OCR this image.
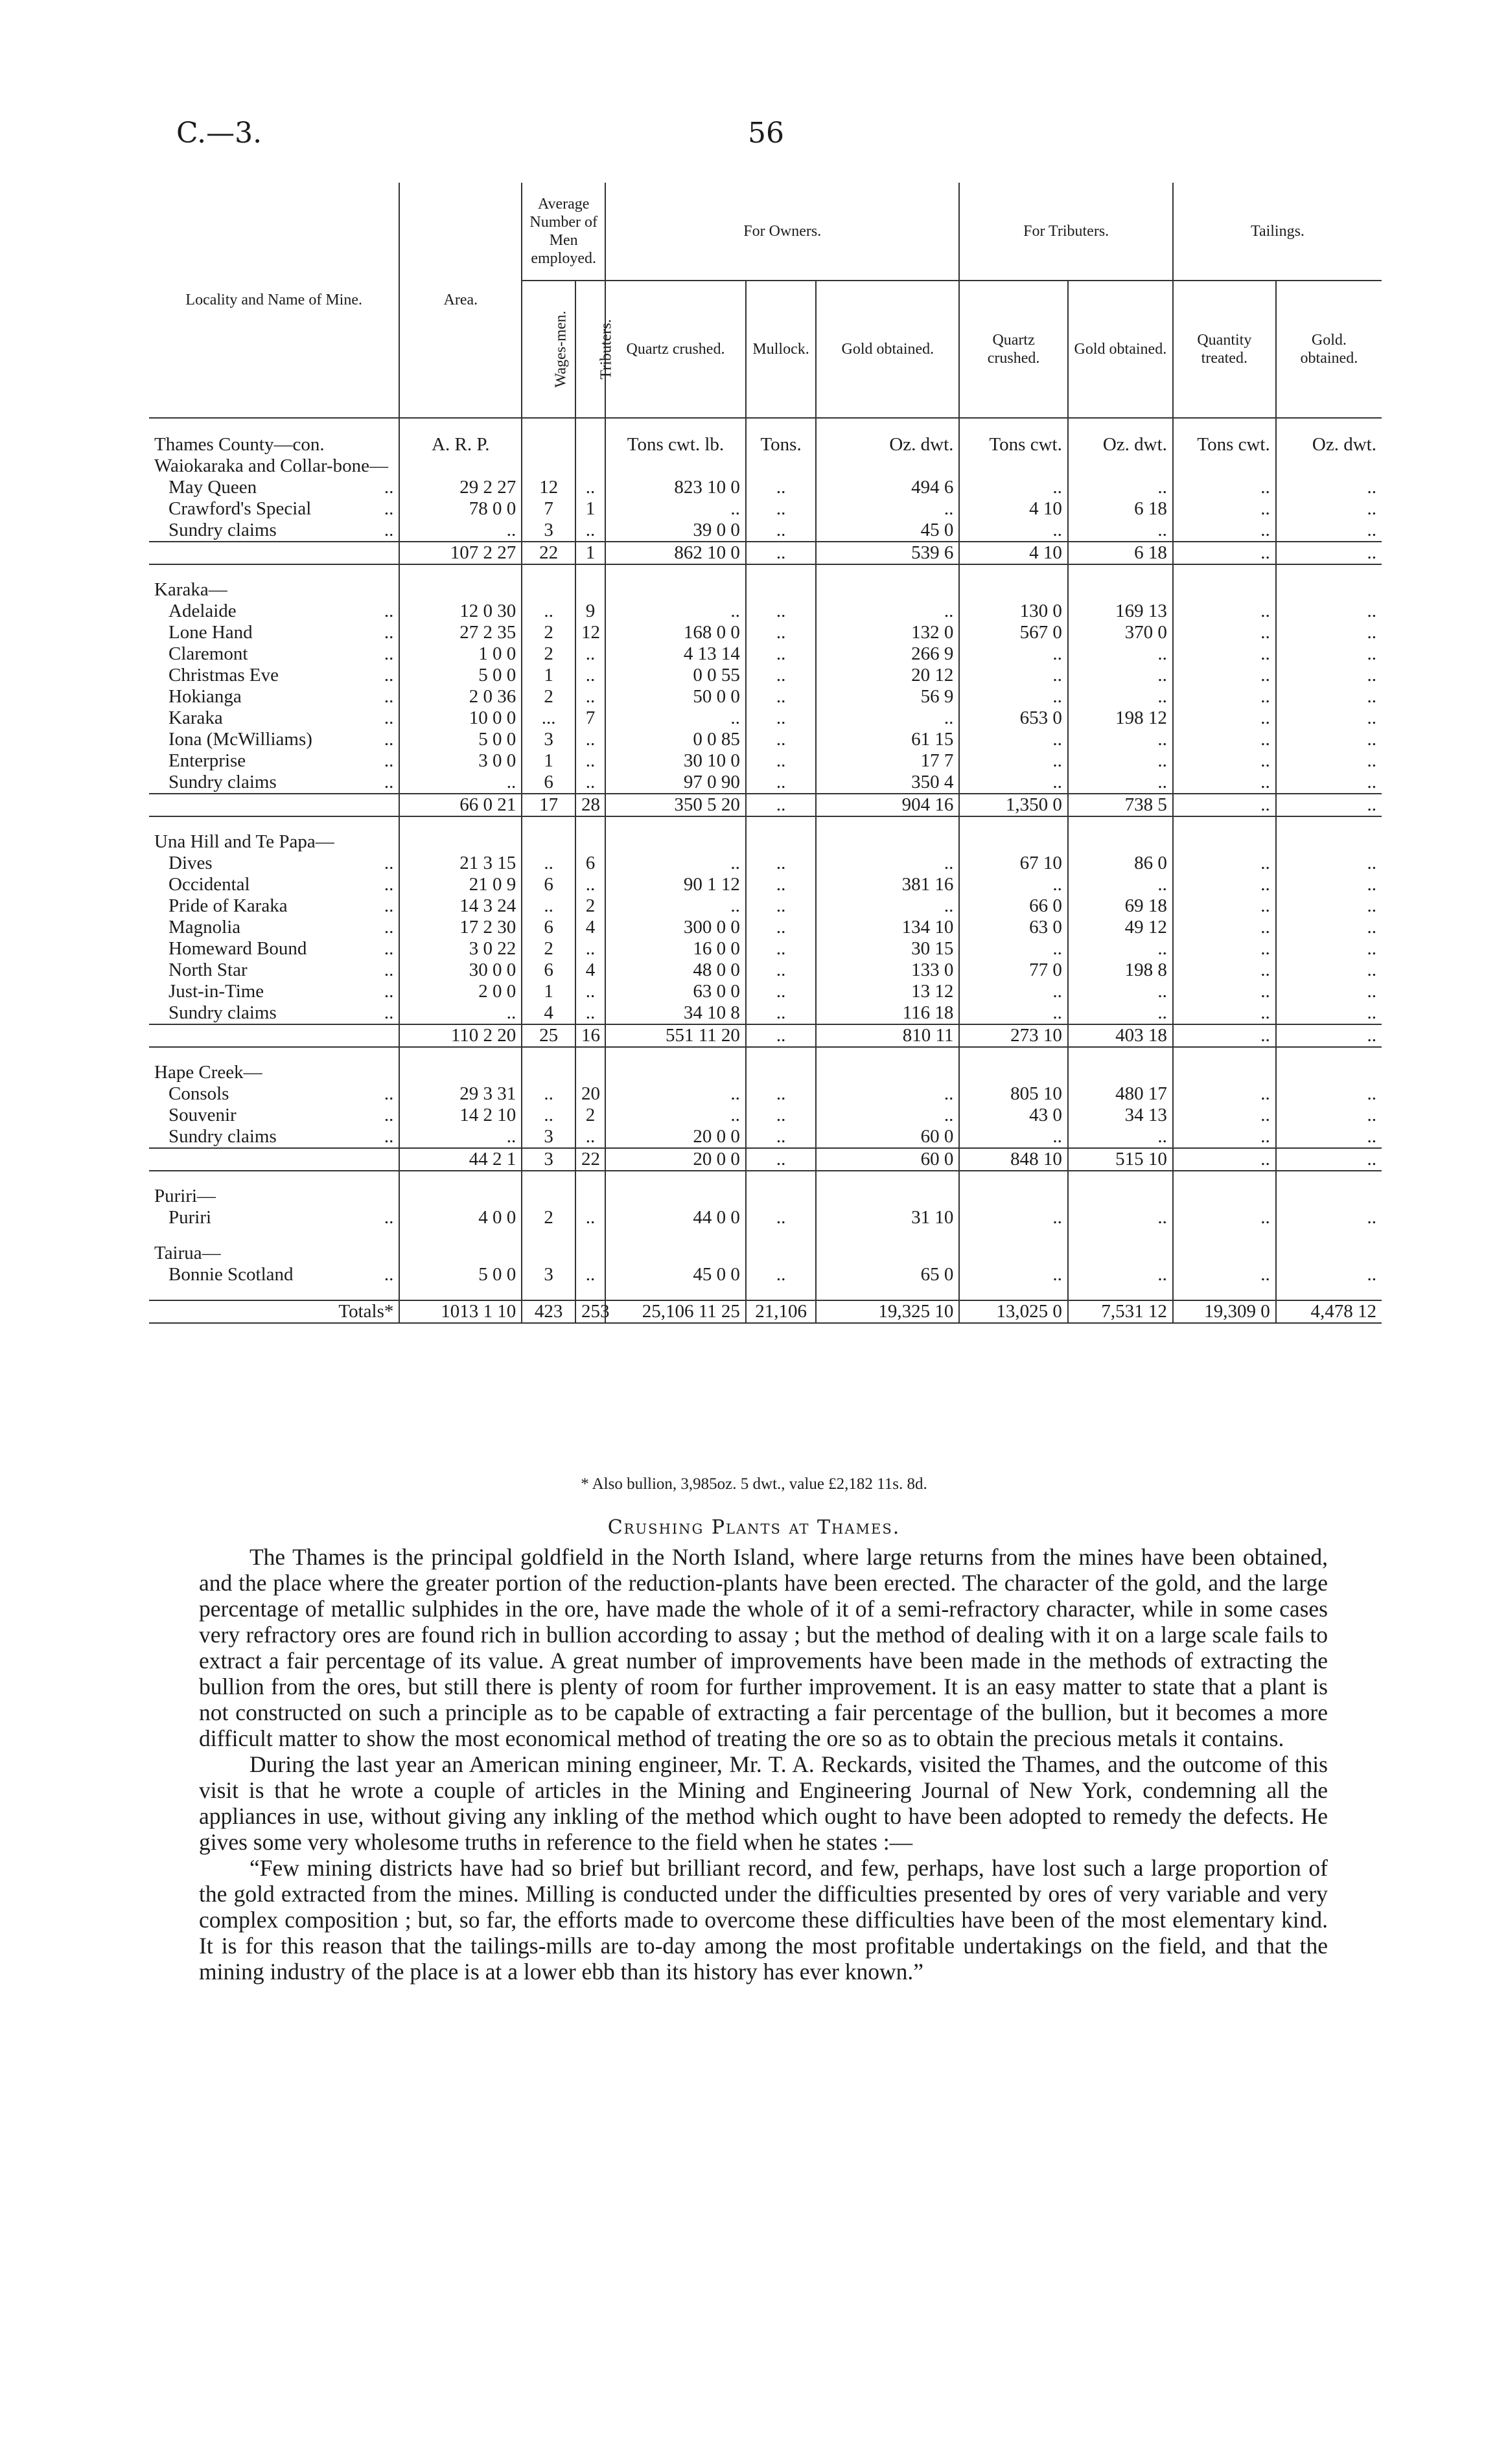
C.—3.	56
Locality and Name of Mine.	Area.	Average Number of Men employed.		For Owners.			For Tributers.		Tailings.	
		Wages-men.	Tributers.	Quartz crushed.	Mullock.	Gold obtained.	Quartz crushed.	Gold obtained.	Quantity treated.	Gold. obtained.
Thames County—con.	A. R. P.			Tons cwt. lb.	Tons.	Oz. dwt.	Tons cwt.	Oz. dwt.	Tons cwt.	Oz. dwt.
Waiokaraka and Collar-bone—										
May Queen ..	29 2 27	12	..	823 10 0	..	494 6	..	..	..	..
Crawford's Special ..	78 0 0	7	1	..	..	..	4 10	6 18	..	..
Sundry claims ..	..	3	..	39 0 0	..	45 0	..	..	..	..
	107 2 27	22	1	862 10 0	..	539 6	4 10	6 18	..	..

Karaka—										
Adelaide ..	12 0 30	..	9	..	..	..	130 0	169 13	..	..
Lone Hand ..	27 2 35	2	12	168 0 0	..	132 0	567 0	370 0	..	..
Claremont ..	1 0 0	2	..	4 13 14	..	266 9	..	..	..	..
Christmas Eve ..	5 0 0	1	..	0 0 55	..	20 12	..	..	..	..
Hokianga ..	2 0 36	2	..	50 0 0	..	56 9	..	..	..	..
Karaka ..	10 0 0	...	7	..	..	..	653 0	198 12	..	..
Iona (McWilliams) ..	5 0 0	3	..	0 0 85	..	61 15	..	..	..	..
Enterprise ..	3 0 0	1	..	30 10 0	..	17 7	..	..	..	..
Sundry claims ..	..	6	..	97 0 90	..	350 4	..	..	..	..
	66 0 21	17	28	350 5 20	..	904 16	1,350 0	738 5	..	..

Una Hill and Te Papa—										
Dives ..	21 3 15	..	6	..	..	..	67 10	86 0	..	..
Occidental ..	21 0 9	6	..	90 1 12	..	381 16	..	..	..	..
Pride of Karaka ..	14 3 24	..	2	..	..	..	66 0	69 18	..	..
Magnolia ..	17 2 30	6	4	300 0 0	..	134 10	63 0	49 12	..	..
Homeward Bound ..	3 0 22	2	..	16 0 0	..	30 15	..	..	..	..
North Star ..	30 0 0	6	4	48 0 0	..	133 0	77 0	198 8	..	..
Just-in-Time ..	2 0 0	1	..	63 0 0	..	13 12	..	..	..	..
Sundry claims ..	..	4	..	34 10 8	..	116 18	..	..	..	..
	110 2 20	25	16	551 11 20	..	810 11	273 10	403 18	..	..

Hape Creek—										
Consols ..	29 3 31	..	20	..	..	..	805 10	480 17	..	..
Souvenir ..	14 2 10	..	2	..	..	..	43 0	34 13	..	..
Sundry claims ..	..	3	..	20 0 0	..	60 0	..	..	..	..
	44 2 1	3	22	20 0 0	..	60 0	848 10	515 10	..	..

Puriri—										
Puriri ..	4 0 0	2	..	44 0 0	..	31 10	..	..	..	..

Tairua—										
Bonnie Scotland ..	5 0 0	3	..	45 0 0	..	65 0	..	..	..	..

Totals*	1013 1 10	423	253	25,106 11 25	21,106	19,325 10	13,025 0	7,531 12	19,309 0	4,478 12
* Also bullion, 3,985oz. 5 dwt., value £2,182 11s. 8d.
Crushing Plants at Thames.

The Thames is the principal goldfield in the North Island, where large returns from the mines have been obtained, and the place where the greater portion of the reduction-plants have been erected. The character of the gold, and the large percentage of metallic sulphides in the ore, have made the whole of it of a semi-refractory character, while in some cases very refractory ores are found rich in bullion according to assay ; but the method of dealing with it on a large scale fails to extract a fair percentage of its value. A great number of improvements have been made in the methods of extracting the bullion from the ores, but still there is plenty of room for further improvement. It is an easy matter to state that a plant is not constructed on such a principle as to be capable of extracting a fair percentage of the bullion, but it becomes a more difficult matter to show the most economical method of treating the ore so as to obtain the precious metals it contains.

During the last year an American mining engineer, Mr. T. A. Reckards, visited the Thames, and the outcome of this visit is that he wrote a couple of articles in the Mining and Engineering Journal of New York, condemning all the appliances in use, without giving any inkling of the method which ought to have been adopted to remedy the defects. He gives some very wholesome truths in reference to the field when he states :—

“Few mining districts have had so brief but brilliant record, and few, perhaps, have lost such a large proportion of the gold extracted from the mines. Milling is conducted under the difficulties presented by ores of very variable and very complex composition ; but, so far, the efforts made to overcome these difficulties have been of the most elementary kind. It is for this reason that the tailings-mills are to-day among the most profitable undertakings on the field, and that the mining industry of the place is at a lower ebb than its history has ever known.”
